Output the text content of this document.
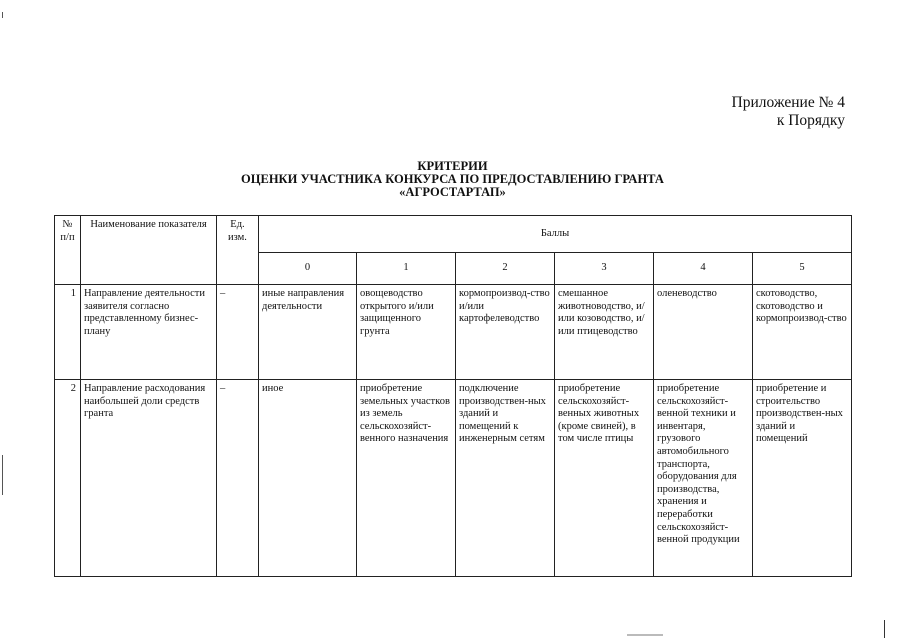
Приложение № 4
к Порядку
КРИТЕРИИ
ОЦЕНКИ УЧАСТНИКА КОНКУРСА ПО ПРЕДОСТАВЛЕНИЮ ГРАНТА
«АГРОСТАРТАП»
№ п/п	Наименование показателя	Ед. изм.	Баллы					
			0	1	2	3	4	5
1	Направление деятельности заявителя согласно представленному бизнес-плану	–	иные направления деятельности	овощеводство открытого и/или защищенного грунта	кормопроизвод-ство и/или картофелеводство	смешанное животноводство, и/или козоводство, и/или птицеводство	оленеводство	скотоводство, скотоводство и кормопроизвод-ство
2	Направление расходования наибольшей доли средств гранта	–	иное	приобретение земельных участков из земель сельскохозяйст-венного назначения	подключение производствен-ных зданий и помещений к инженерным сетям	приобретение сельскохозяйст-венных животных (кроме свиней), в том числе птицы	приобретение сельскохозяйст-венной техники и инвентаря, грузового автомобильного транспорта, оборудования для производства, хранения и переработки сельскохозяйст-венной продукции	приобретение и строительство производствен-ных зданий и помещений
